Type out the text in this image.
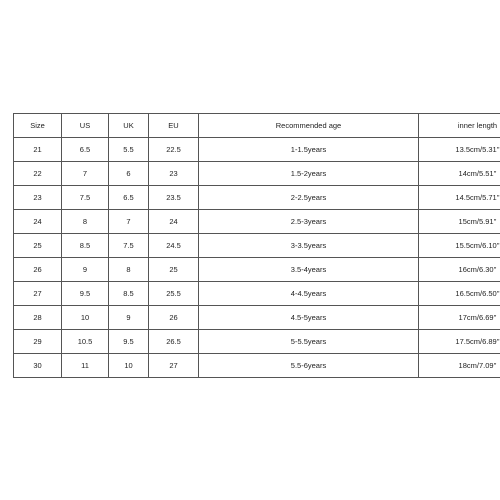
Size	US	UK	EU	Recommended age	inner length
21	6.5	5.5	22.5	1-1.5years	13.5cm/5.31''
22	7	6	23	1.5-2years	14cm/5.51''
23	7.5	6.5	23.5	2-2.5years	14.5cm/5.71''
24	8	7	24	2.5-3years	15cm/5.91''
25	8.5	7.5	24.5	3-3.5years	15.5cm/6.10''
26	9	8	25	3.5-4years	16cm/6.30''
27	9.5	8.5	25.5	4-4.5years	16.5cm/6.50''
28	10	9	26	4.5-5years	17cm/6.69''
29	10.5	9.5	26.5	5-5.5years	17.5cm/6.89''
30	11	10	27	5.5-6years	18cm/7.09''
